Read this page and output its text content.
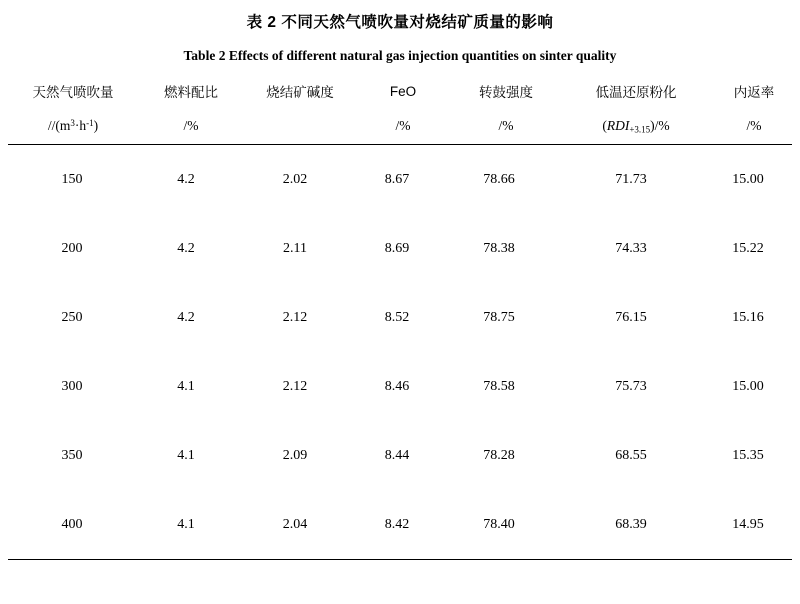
表 2 不同天然气喷吹量对烧结矿质量的影响
Table 2 Effects of different natural gas injection quantities on sinter quality
天然气喷吹量	燃料配比	烧结矿碱度	FeO	转鼓强度	低温还原粉化	内返率
$//(m^3\cdot h^{-1})$	/%		/%	/%	$(RDI_{+3.15})/\%$	/%
150	4.2	2.02	8.67	78.66	71.73	15.00
200	4.2	2.11	8.69	78.38	74.33	15.22
250	4.2	2.12	8.52	78.75	76.15	15.16
300	4.1	2.12	8.46	78.58	75.73	15.00
350	4.1	2.09	8.44	78.28	68.55	15.35
400	4.1	2.04	8.42	78.40	68.39	14.95
